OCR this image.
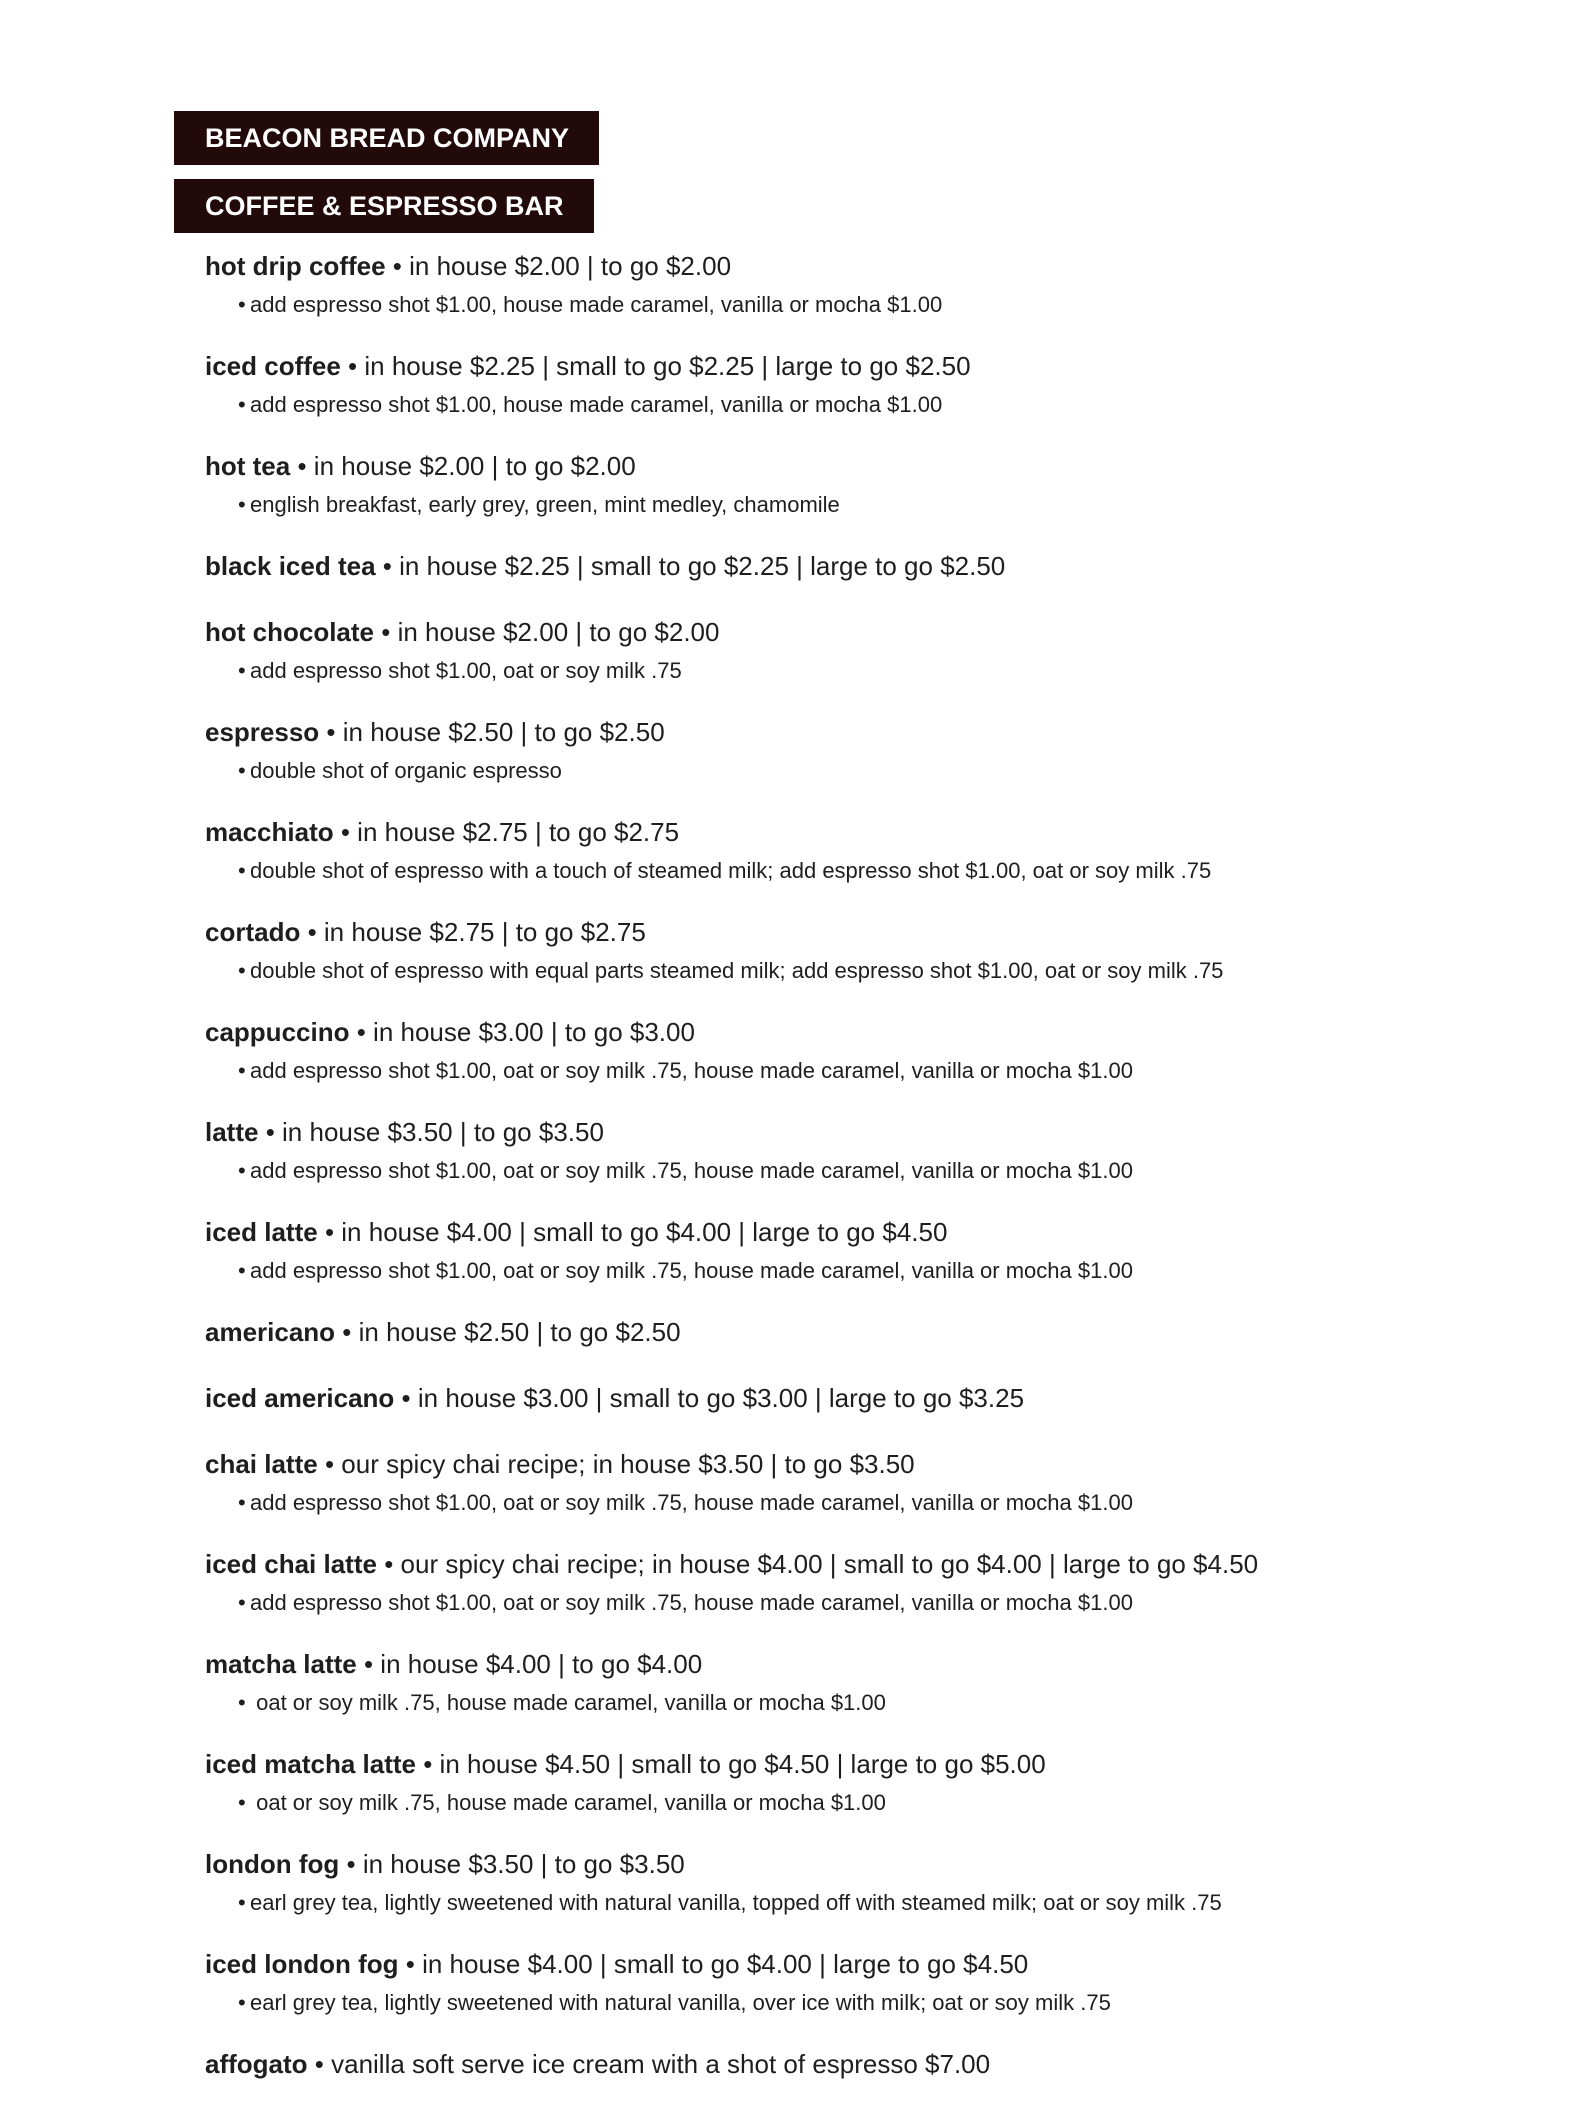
BEACON BREAD COMPANY
COFFEE & ESPRESSO BAR
hot drip coffee • in house $2.00 | to go $2.00
• add espresso shot $1.00, house made caramel, vanilla or mocha $1.00
iced coffee • in house $2.25 | small to go $2.25 | large to go $2.50
• add espresso shot $1.00, house made caramel, vanilla or mocha $1.00
hot tea • in house $2.00 | to go $2.00
• english breakfast, early grey, green, mint medley, chamomile
black iced tea • in house $2.25 | small to go $2.25 | large to go $2.50
hot chocolate • in house $2.00 | to go $2.00
• add espresso shot $1.00, oat or soy milk .75
espresso • in house $2.50 | to go $2.50
• double shot of organic espresso
macchiato • in house $2.75 | to go $2.75
• double shot of espresso with a touch of steamed milk; add espresso shot $1.00, oat or soy milk .75
cortado • in house $2.75 | to go $2.75
• double shot of espresso with equal parts steamed milk; add espresso shot $1.00, oat or soy milk .75
cappuccino • in house $3.00 | to go $3.00
• add espresso shot $1.00, oat or soy milk .75, house made caramel, vanilla or mocha $1.00
latte • in house $3.50 | to go $3.50
• add espresso shot $1.00, oat or soy milk .75, house made caramel, vanilla or mocha $1.00
iced latte • in house $4.00 | small to go $4.00 | large to go $4.50
• add espresso shot $1.00, oat or soy milk .75, house made caramel, vanilla or mocha $1.00
americano • in house $2.50 | to go $2.50
iced americano • in house $3.00 | small to go $3.00 | large to go $3.25
chai latte • our spicy chai recipe; in house $3.50 | to go $3.50
• add espresso shot $1.00, oat or soy milk .75, house made caramel, vanilla or mocha $1.00
iced chai latte • our spicy chai recipe; in house $4.00 | small to go $4.00 | large to go $4.50
• add espresso shot $1.00, oat or soy milk .75, house made caramel, vanilla or mocha $1.00
matcha latte • in house $4.00 | to go $4.00
• oat or soy milk .75, house made caramel, vanilla or mocha $1.00
iced matcha latte • in house $4.50 | small to go $4.50 | large to go $5.00
• oat or soy milk .75, house made caramel, vanilla or mocha $1.00
london fog • in house $3.50 | to go $3.50
• earl grey tea, lightly sweetened with natural vanilla, topped off with steamed milk; oat or soy milk .75
iced london fog • in house $4.00 | small to go $4.00 | large to go $4.50
• earl grey tea, lightly sweetened with natural vanilla, over ice with milk; oat or soy milk .75
affogato • vanilla soft serve ice cream with a shot of espresso $7.00
